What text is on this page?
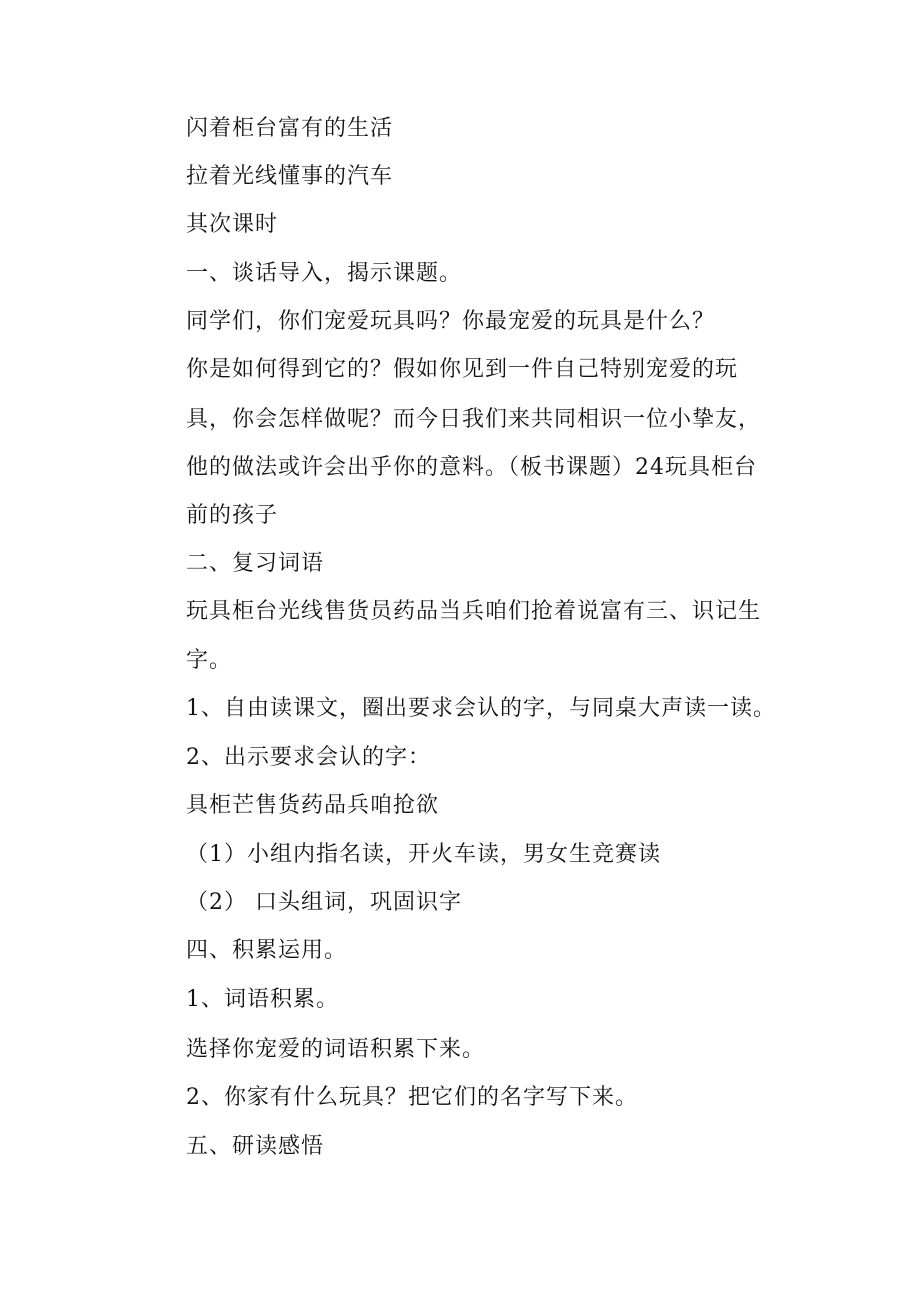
闪着柜台富有的生活
拉着光线懂事的汽车
其次课时
一、谈话导入，揭示课题。
同学们，你们宠爱玩具吗？你最宠爱的玩具是什么？
你是如何得到它的？假如你见到一件自己特别宠爱的玩
具，你会怎样做呢？而今日我们来共同相识一位小挚友，
他的做法或许会出乎你的意料。（板书课题）24玩具柜台
前的孩子
二、复习词语
玩具柜台光线售货员药品当兵咱们抢着说富有三、识记生
字。
1、自由读课文，圈出要求会认的字，与同桌大声读一读。
2、出示要求会认的字：
具柜芒售货药品兵咱抢欲
（1）小组内指名读，开火车读，男女生竞赛读
（2） 口头组词，巩固识字
四、积累运用。
1、词语积累。
选择你宠爱的词语积累下来。
2、你家有什么玩具？把它们的名字写下来。
五、研读感悟
